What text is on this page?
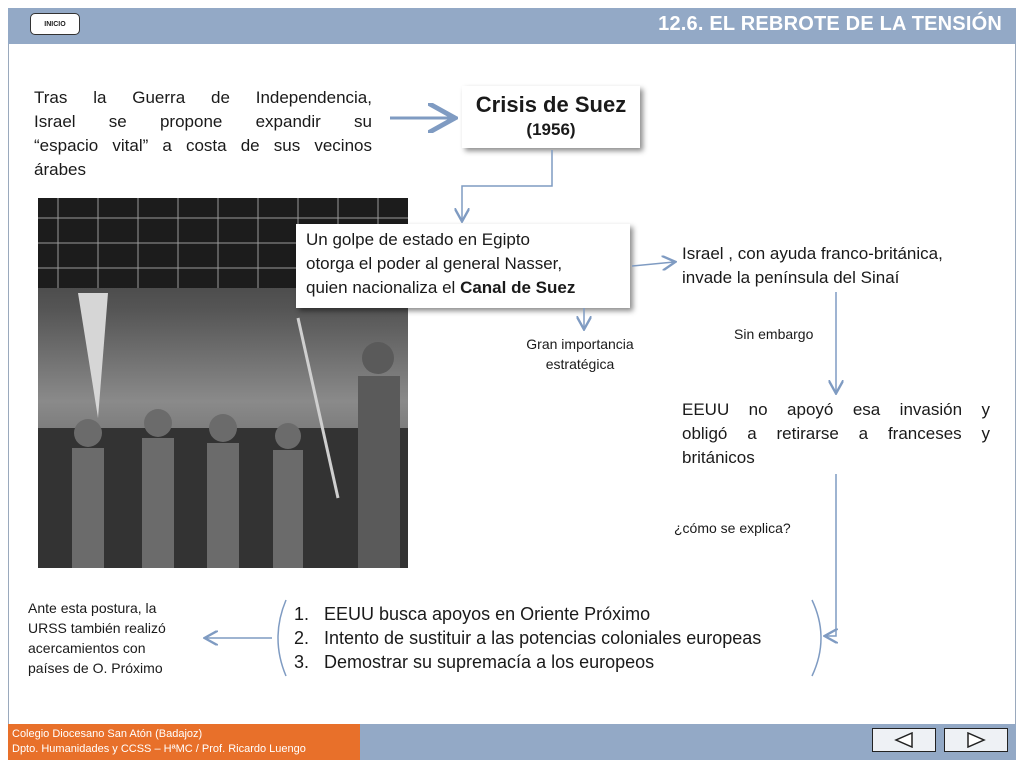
INICIO	12.6. EL REBROTE DE LA TENSIÓN
Tras la Guerra de Independencia,
Israel se propone expandir su
“espacio vital” a costa de sus vecinos
árabes
Crisis de Suez
(1956)
Un golpe de estado en Egipto
otorga el poder al general Nasser,
quien nacionaliza el Canal de Suez
Gran importancia
estratégica
Israel , con ayuda franco-británica,
invade la península del Sinaí
Sin embargo
EEUU no apoyó esa invasión y
obligó a retirarse a franceses y
británicos
¿cómo se explica?
1. EEUU busca apoyos en Oriente Próximo
2. Intento de sustituir a las potencias coloniales europeas
3. Demostrar su supremacía a los europeos
Ante esta postura, la
URSS también realizó
acercamientos con
países de O. Próximo
Colegio Diocesano San Atón (Badajoz)
Dpto. Humanidades y CCSS – HªMC / Prof. Ricardo Luengo
